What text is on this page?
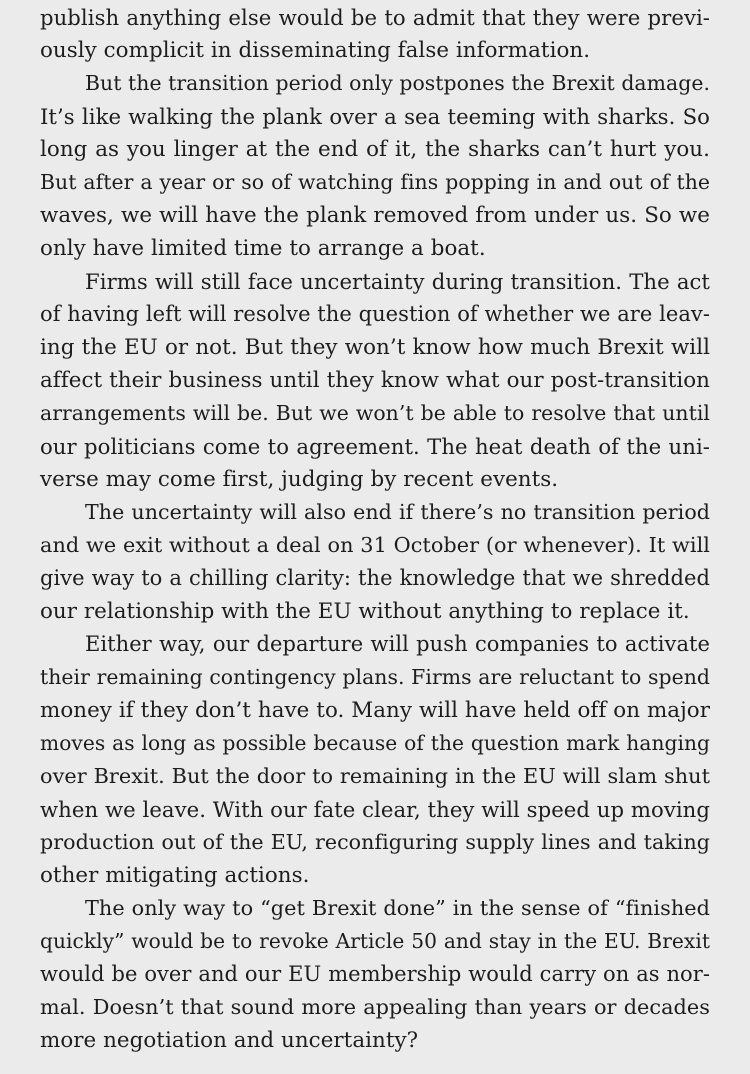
publish anything else would be to admit that they were previ-
ously complicit in disseminating false information.
But the transition period only postpones the Brexit damage.
It’s like walking the plank over a sea teeming with sharks. So
long as you linger at the end of it, the sharks can’t hurt you.
But after a year or so of watching fins popping in and out of the
waves, we will have the plank removed from under us. So we
only have limited time to arrange a boat.
Firms will still face uncertainty during transition. The act
of having left will resolve the question of whether we are leav-
ing the EU or not. But they won’t know how much Brexit will
affect their business until they know what our post-transition
arrangements will be. But we won’t be able to resolve that until
our politicians come to agreement. The heat death of the uni-
verse may come first, judging by recent events.
The uncertainty will also end if there’s no transition period
and we exit without a deal on 31 October (or whenever). It will
give way to a chilling clarity: the knowledge that we shredded
our relationship with the EU without anything to replace it.
Either way, our departure will push companies to activate
their remaining contingency plans. Firms are reluctant to spend
money if they don’t have to. Many will have held off on major
moves as long as possible because of the question mark hanging
over Brexit. But the door to remaining in the EU will slam shut
when we leave. With our fate clear, they will speed up moving
production out of the EU, reconfiguring supply lines and taking
other mitigating actions.
The only way to “get Brexit done” in the sense of “finished
quickly” would be to revoke Article 50 and stay in the EU. Brexit
would be over and our EU membership would carry on as nor-
mal. Doesn’t that sound more appealing than years or decades
more negotiation and uncertainty?
